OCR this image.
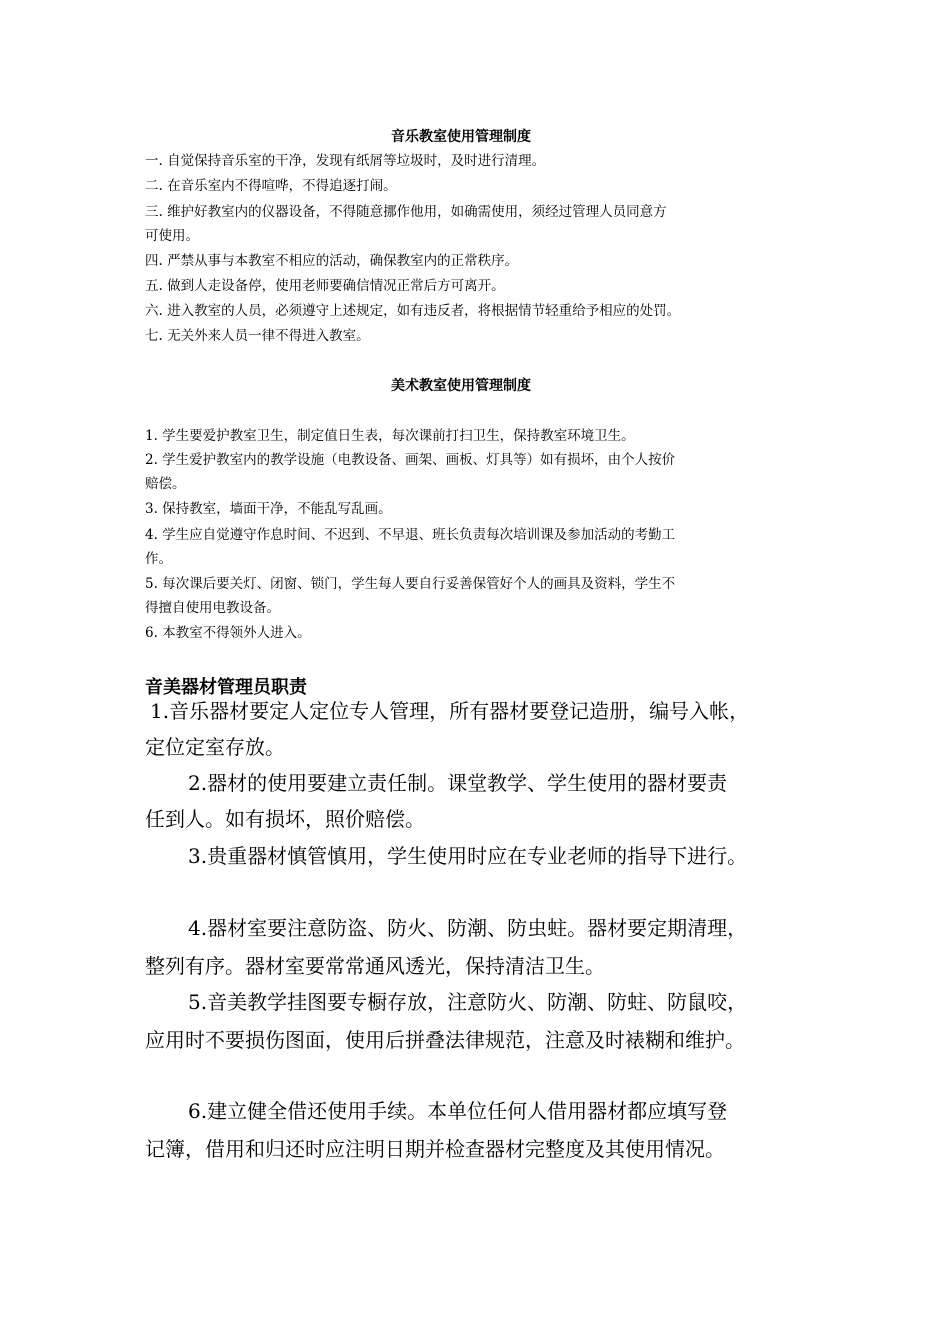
音乐教室使用管理制度
一. 自觉保持音乐室的干净，发现有纸屑等垃圾时，及时进行清理。
二. 在音乐室内不得喧哗，不得追逐打闹。
三. 维护好教室内的仪器设备，不得随意挪作他用，如确需使用，须经过管理人员同意方
可使用。
四. 严禁从事与本教室不相应的活动，确保教室内的正常秩序。
五. 做到人走设备停，使用老师要确信情况正常后方可离开。
六. 进入教室的人员，必须遵守上述规定，如有违反者，将根据情节轻重给予相应的处罚。
七. 无关外来人员一律不得进入教室。
美术教室使用管理制度
1. 学生要爱护教室卫生，制定值日生表，每次课前打扫卫生，保持教室环境卫生。
2. 学生爱护教室内的教学设施（电教设备、画架、画板、灯具等）如有损坏，由个人按价
赔偿。
3. 保持教室，墙面干净，不能乱写乱画。
4. 学生应自觉遵守作息时间、不迟到、不早退、班长负责每次培训课及参加活动的考勤工
作。
5. 每次课后要关灯、闭窗、锁门，学生每人要自行妥善保管好个人的画具及资料，学生不
得擅自使用电教设备。
6. 本教室不得领外人进入。
音美器材管理员职责
1.音乐器材要定人定位专人管理，所有器材要登记造册，编号入帐，
定位定室存放。
2.器材的使用要建立责任制。课堂教学、学生使用的器材要责
任到人。如有损坏，照价赔偿。
3.贵重器材慎管慎用，学生使用时应在专业老师的指导下进行。
4.器材室要注意防盗、防火、防潮、防虫蛀。器材要定期清理，
整列有序。器材室要常常通风透光，保持清洁卫生。
5.音美教学挂图要专橱存放，注意防火、防潮、防蛀、防鼠咬，
应用时不要损伤图面，使用后拼叠法律规范，注意及时裱糊和维护。
6.建立健全借还使用手续。本单位任何人借用器材都应填写登
记簿，借用和归还时应注明日期并检查器材完整度及其使用情况。
